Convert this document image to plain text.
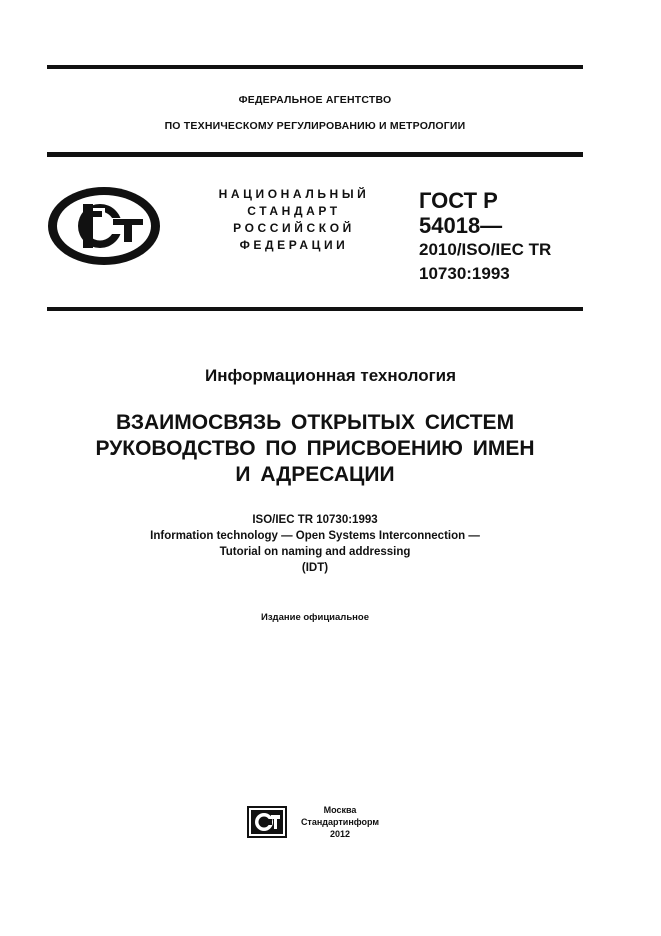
ФЕДЕРАЛЬНОЕ АГЕНТСТВО
ПО ТЕХНИЧЕСКОМУ РЕГУЛИРОВАНИЮ И МЕТРОЛОГИИ
НАЦИОНАЛЬНЫЙ
СТАНДАРТ
РОССИЙСКОЙ
ФЕДЕРАЦИИ
ГОСТ Р
54018—
2010/ISO/IEC TR
10730:1993
Информационная технология
ВЗАИМОСВЯЗЬ ОТКРЫТЫХ СИСТЕМ
РУКОВОДСТВО ПО ПРИСВОЕНИЮ ИМЕН
И АДРЕСАЦИИ
ISO/IEC TR 10730:1993
Information technology — Open Systems Interconnection —
Tutorial on naming and addressing
(IDT)
Издание официальное
Москва
Стандартинформ
2012
